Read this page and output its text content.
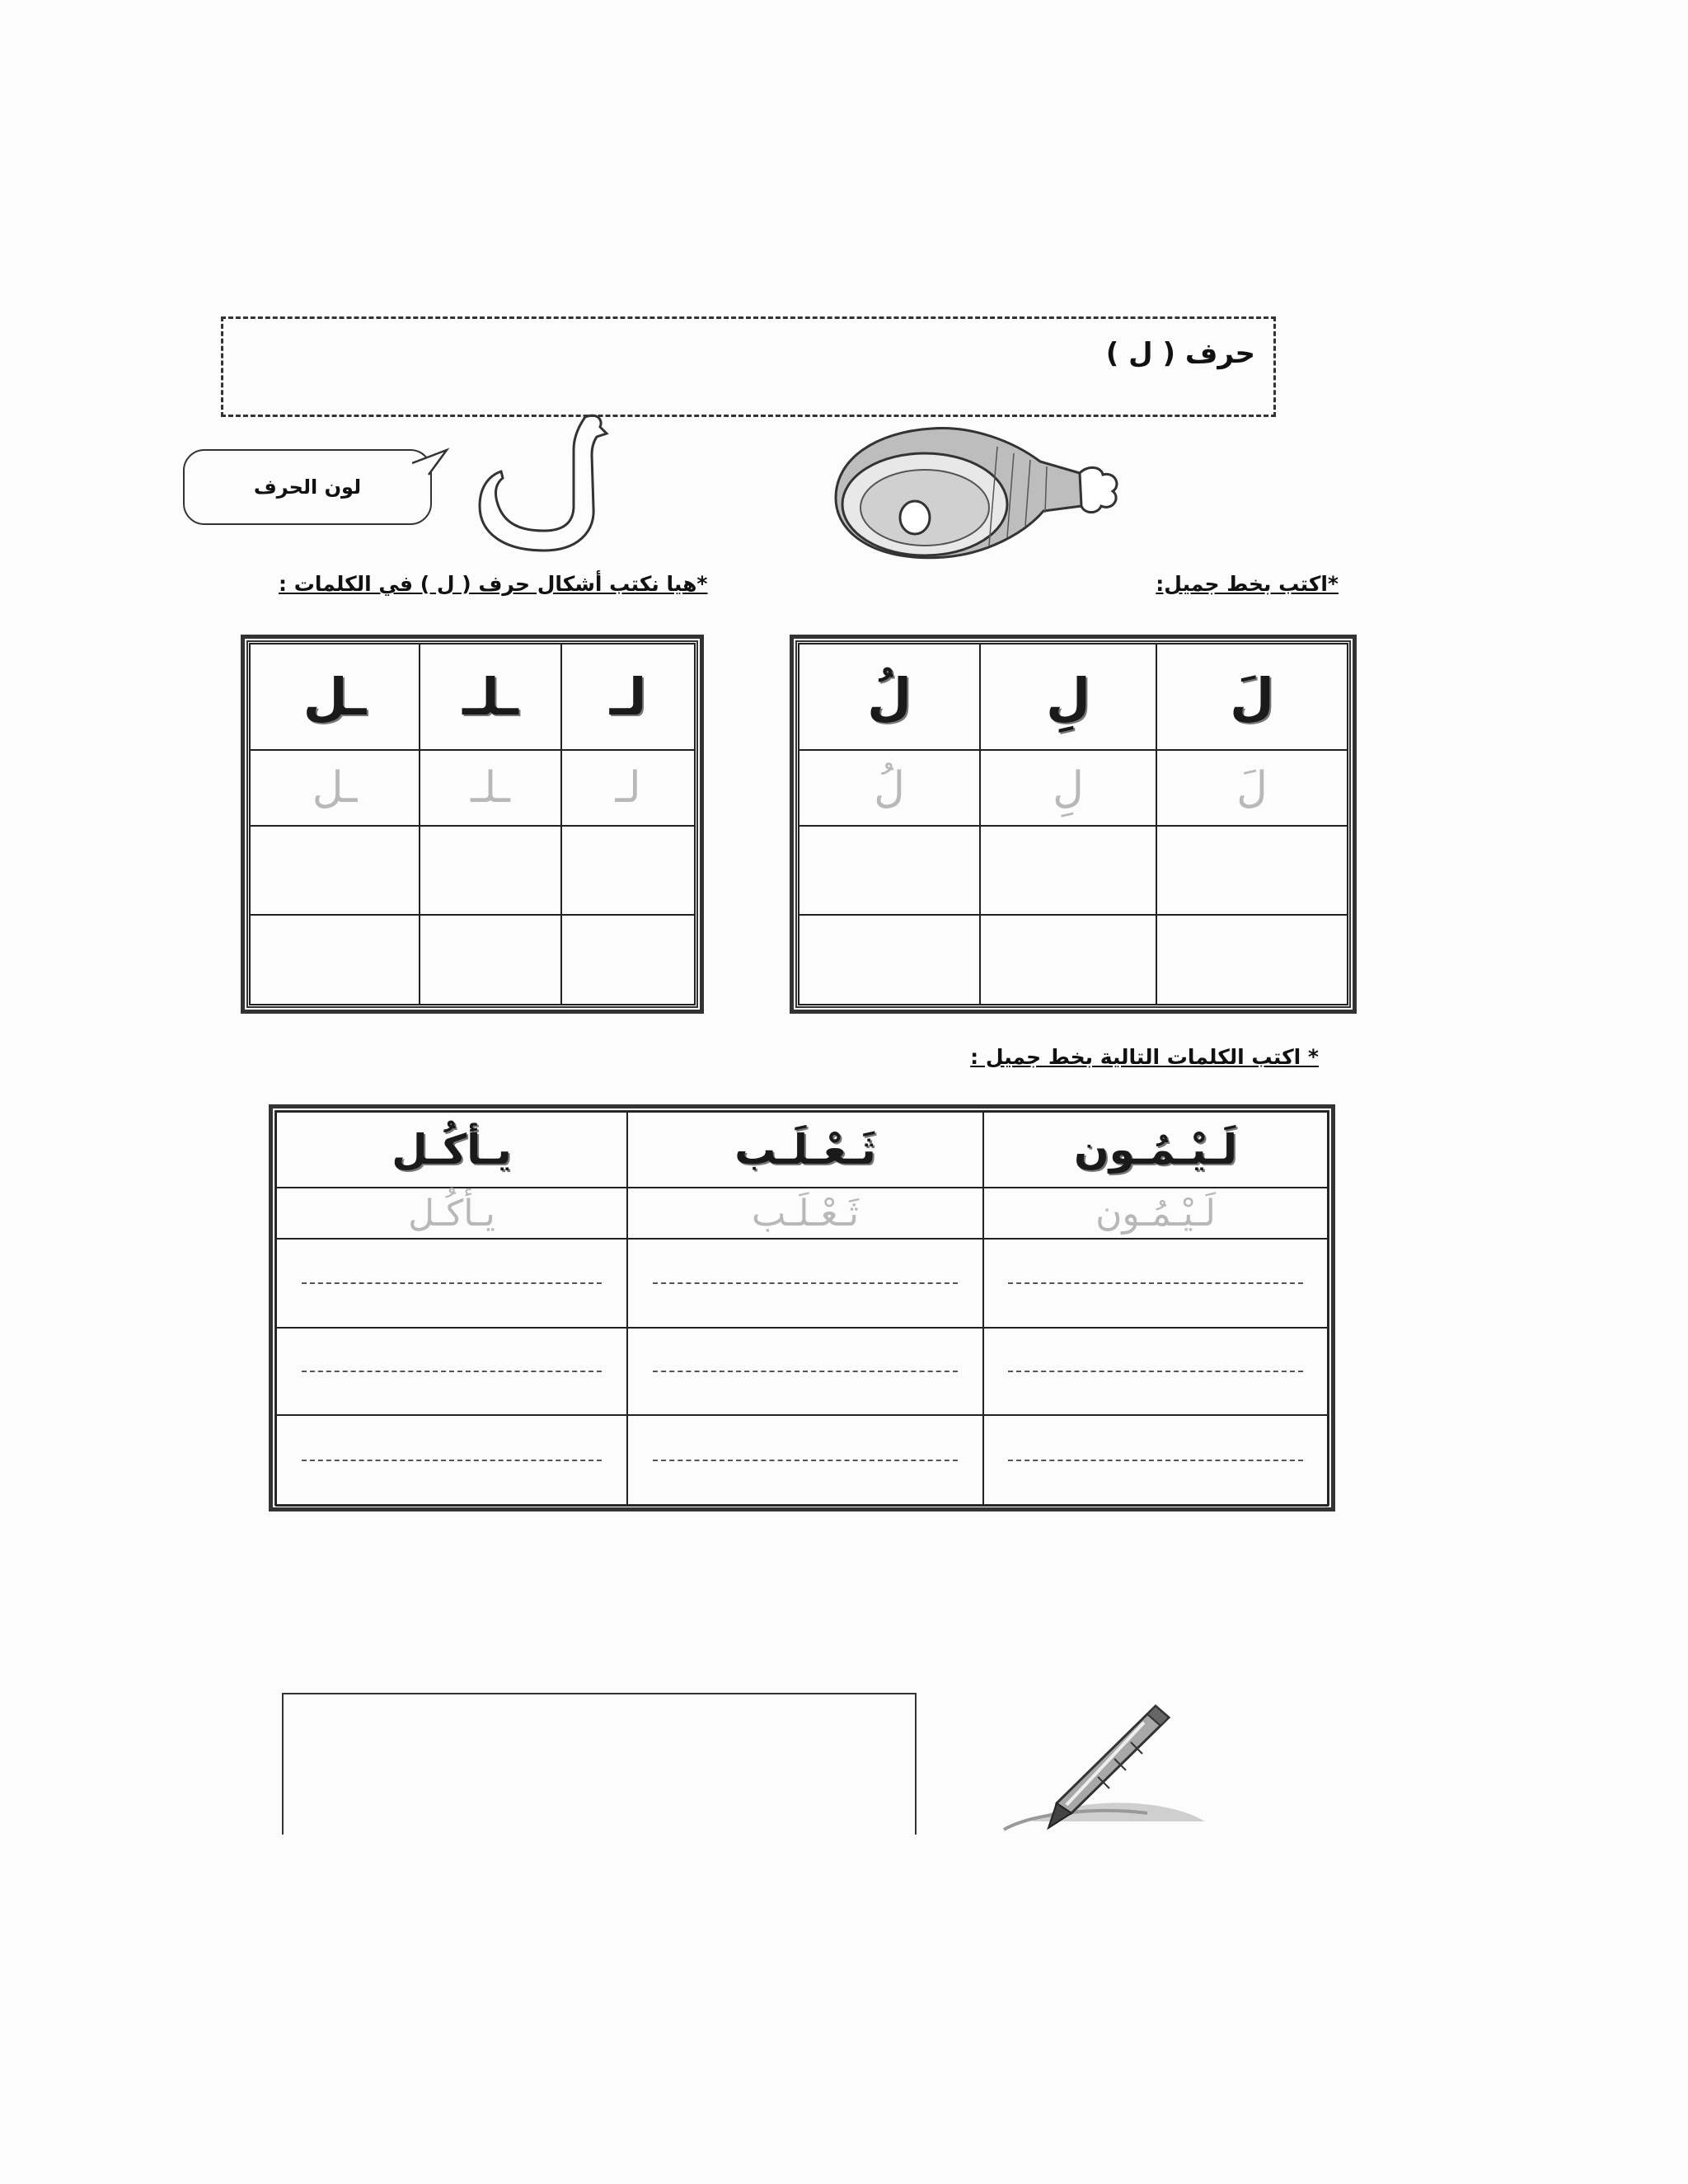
حرف ( ل )
لون الحرف
*اكتب بخط جميل:
*هيا نكتب أشكال حرف ( ل ) في الكلمات :
لُ	لِ	لَ
لُ	لِ	لَ

ـل	ـلـ	لـ
ـل	ـلـ	لـ

* اكتب الكلمات التالية بخط جميل :
يـأكُـل	ثَـعْـلَـب	لَـيْـمُـون
يـأكُـل	ثَـعْـلَـب	لَـيْـمُـون
